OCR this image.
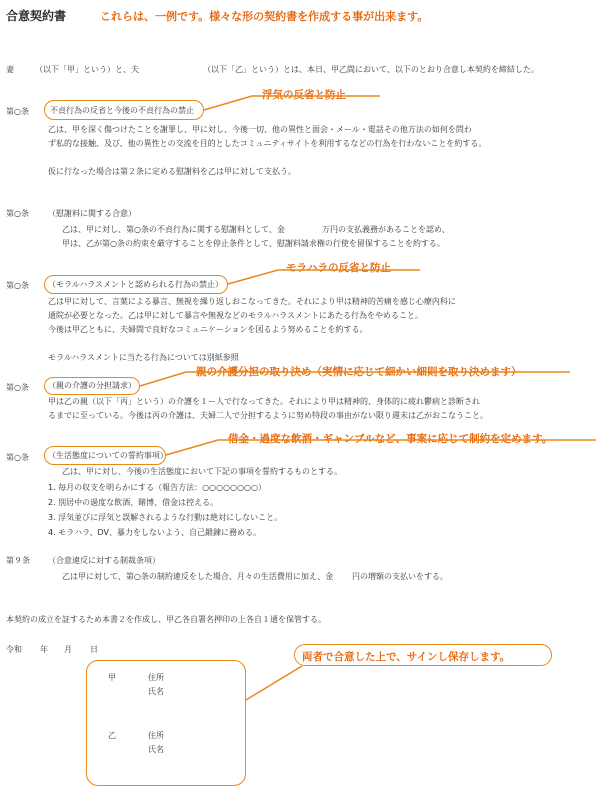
合意契約書	これらは、一例です。様々な形の契約書を作成する事が出来ます。
妻	（以下「甲」という）と、夫	（以下「乙」という）とは、本日、甲乙間において、以下のとおり合意し本契約を締結した。
第○条	不貞行為の反省と今後の不貞行為の禁止
乙は、甲を深く傷つけたことを謝罪し、甲に対し、今後一切、他の異性と面会・メール・電話その他方法の如何を問わ
ず私的な接触、及び、他の異性との交流を目的としたコミュニティサイトを利用するなどの行為を行わないことを約する。
仮に行なった場合は第２条に定める慰謝料を乙は甲に対して支払う。
浮気の反省と防止
第○条 （慰謝料に関する合意）
乙は、甲に対し、第○条の不貞行為に関する慰謝料として、金	万円の支払義務があることを認め、
甲は、乙が第○条の約束を厳守することを停止条件として、慰謝料請求権の行使を留保することを約する。
第○条 （モラルハラスメントと認められる行為の禁止）
乙は甲に対して、言葉による暴言、無視を繰り返しおこなってきた。それにより甲は精神的苦痛を感じ心療内科に
通院が必要となった。乙は甲に対して暴言や無視などのモラルハラスメントにあたる行為をやめること。
今後は甲乙ともに、夫婦間で良好なコミュニケーションを図るよう努めることを約する。
モラルハラスメントに当たる行為については別紙参照
モラハラの反省と防止
第○条 （親の介護の分担請求）
甲は乙の親（以下「丙」という）の介護を１ー人で行なってきた。それにより甲は精神的、身体的に疲れ鬱病と診断され
るまでに至っている。今後は丙の介護は、夫婦二人で分担するように努め特段の事由がない限り週末は乙がおこなうこと。
親の介護分担の取り決め（実情に応じて細かい細則を取り決めます）
第○条 （生活態度についての誓約事項）
乙は、甲に対し、今後の生活態度において下記の事項を誓約するものとする。
1. 毎月の収支を明らかにする（報告方法：○○○○○○○○）
2. 別居中の過度な飲酒、賭博、借金は控える。
3. 浮気並びに浮気と誤解されるような行動は絶対にしないこと。
4. モラハラ、DV、暴力をしないよう、自己鍛錬に務める。
借金・過度な飲酒・ギャンブルなど、事案に応じて制約を定めます。
第９条 （合意違反に対する制裁条項）
乙は甲に対して、第○条の制約違反をした場合、月々の生活費用に加え、金 円の増額の支払いをする。
本契約の成立を証するため本書２を作成し、甲乙各自署名押印の上各自１通を保管する。
令和 年 月 日
甲	住所
氏名
乙	住所
氏名
両者で合意した上で、サインし保存します。
